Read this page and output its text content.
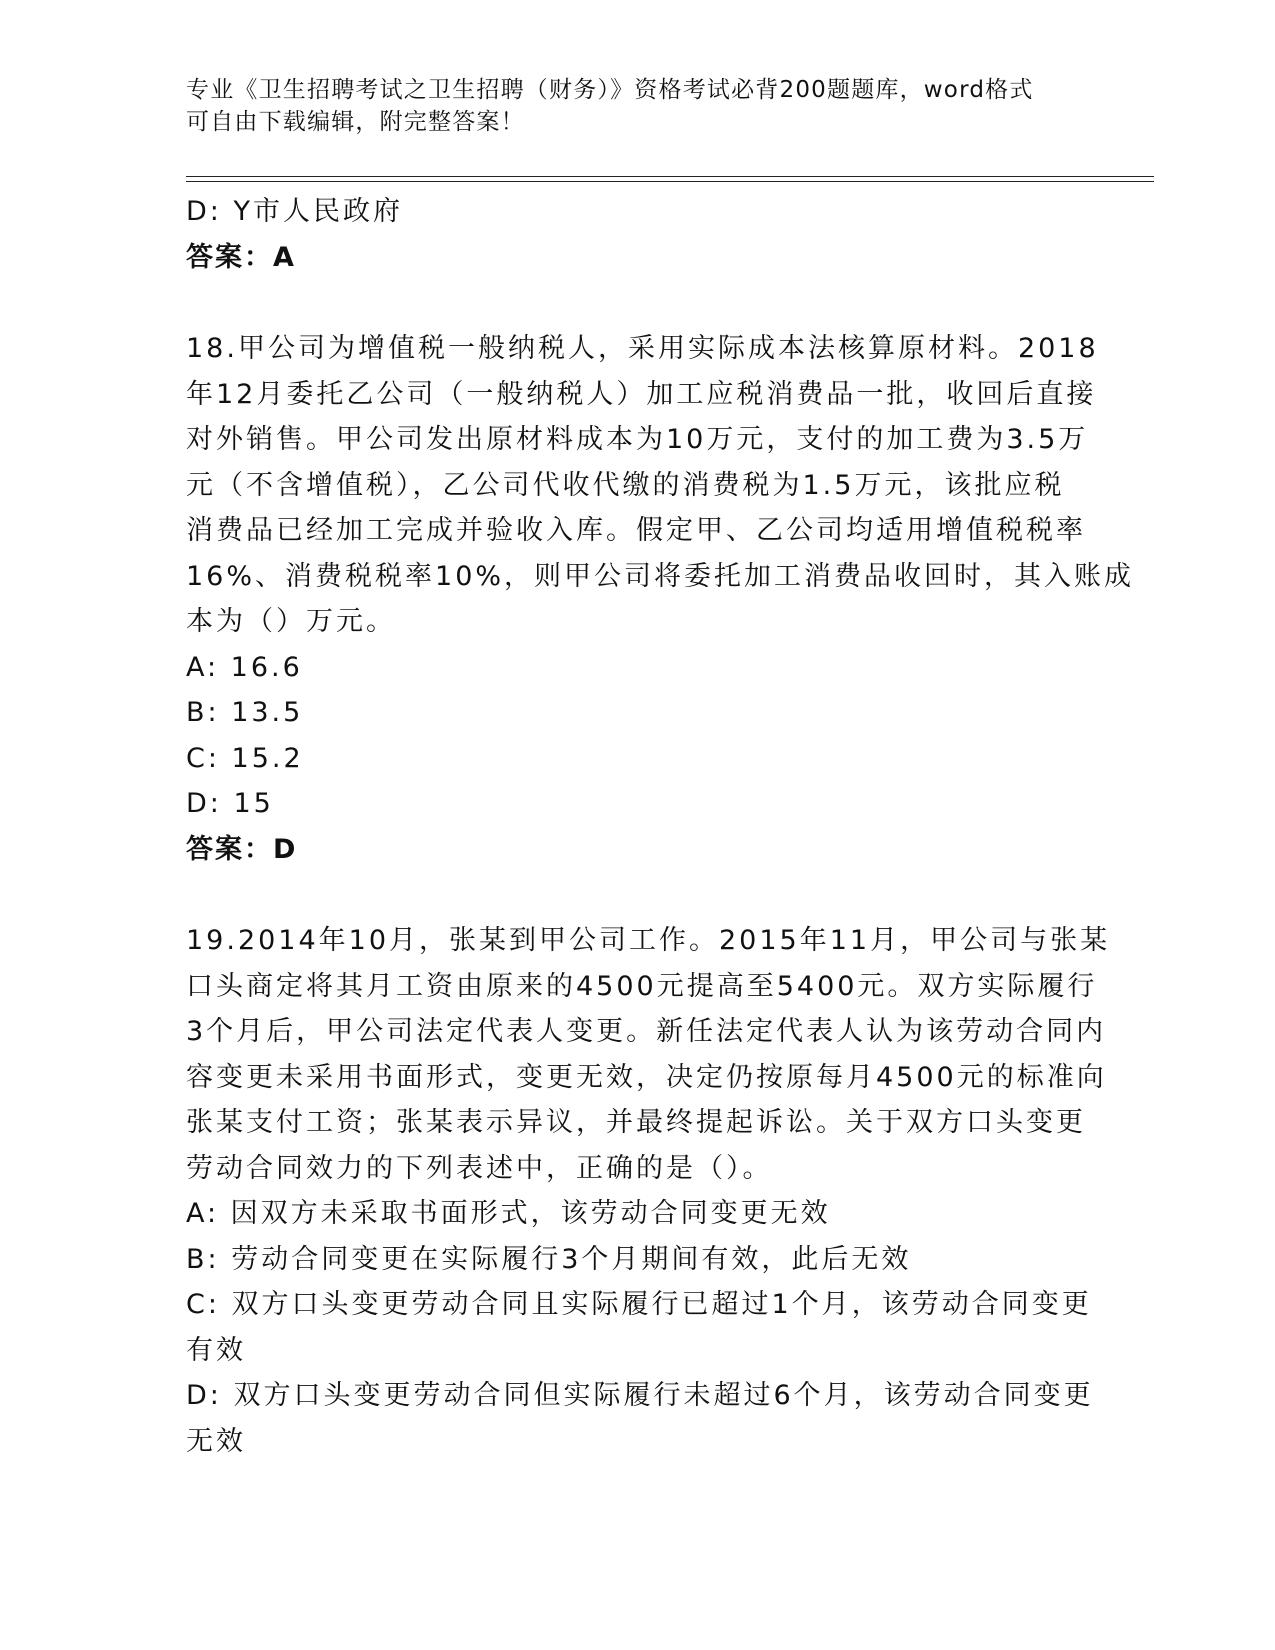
专业《卫生招聘考试之卫生招聘（财务）》资格考试必背200题题库，word格式
可自由下载编辑，附完整答案！
D: Y市人民政府
答案：A
18.甲公司为增值税一般纳税人，采用实际成本法核算原材料。2018
年12月委托乙公司（一般纳税人）加工应税消费品一批，收回后直接
对外销售。甲公司发出原材料成本为10万元，支付的加工费为3.5万
元（不含增值税），乙公司代收代缴的消费税为1.5万元，该批应税
消费品已经加工完成并验收入库。假定甲、乙公司均适用增值税税率
16%、消费税税率10%，则甲公司将委托加工消费品收回时，其入账成
本为（）万元。
A: 16.6
B: 13.5
C: 15.2
D: 15
答案：D
19.2014年10月，张某到甲公司工作。2015年11月，甲公司与张某
口头商定将其月工资由原来的4500元提高至5400元。双方实际履行
3个月后，甲公司法定代表人变更。新任法定代表人认为该劳动合同内
容变更未采用书面形式，变更无效，决定仍按原每月4500元的标准向
张某支付工资；张某表示异议，并最终提起诉讼。关于双方口头变更
劳动合同效力的下列表述中，正确的是（）。
A: 因双方未采取书面形式，该劳动合同变更无效
B: 劳动合同变更在实际履行3个月期间有效，此后无效
C: 双方口头变更劳动合同且实际履行已超过1个月，该劳动合同变更
有效
D: 双方口头变更劳动合同但实际履行未超过6个月，该劳动合同变更
无效
